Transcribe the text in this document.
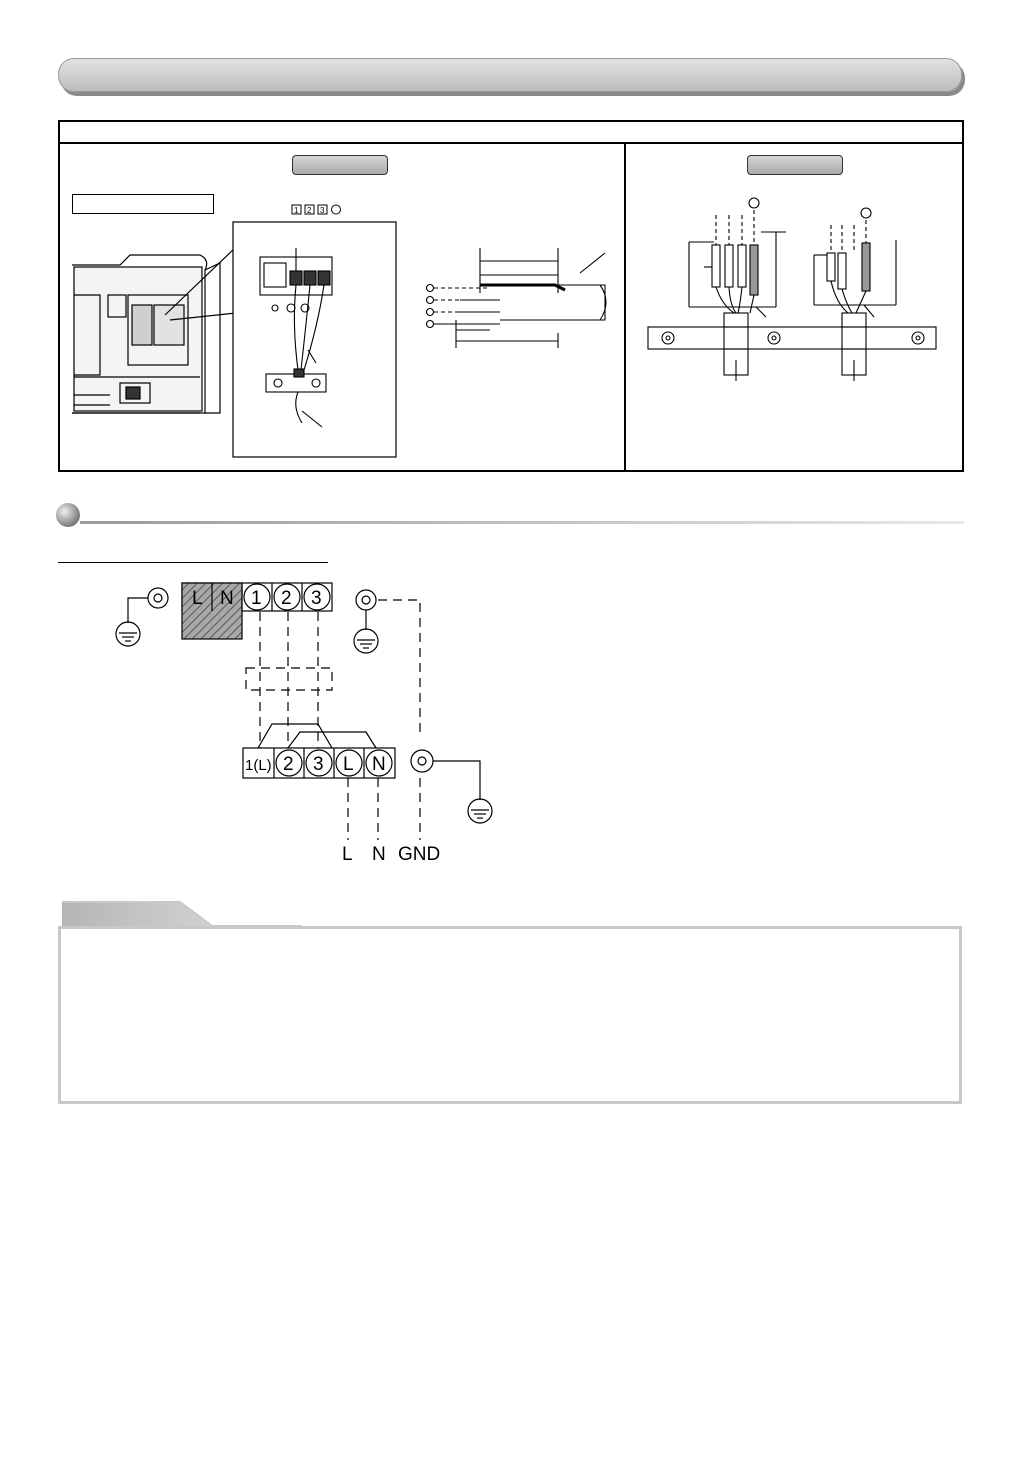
1 2 3
L N 1 2 3
1(L) 2 3 L N
L N GND
